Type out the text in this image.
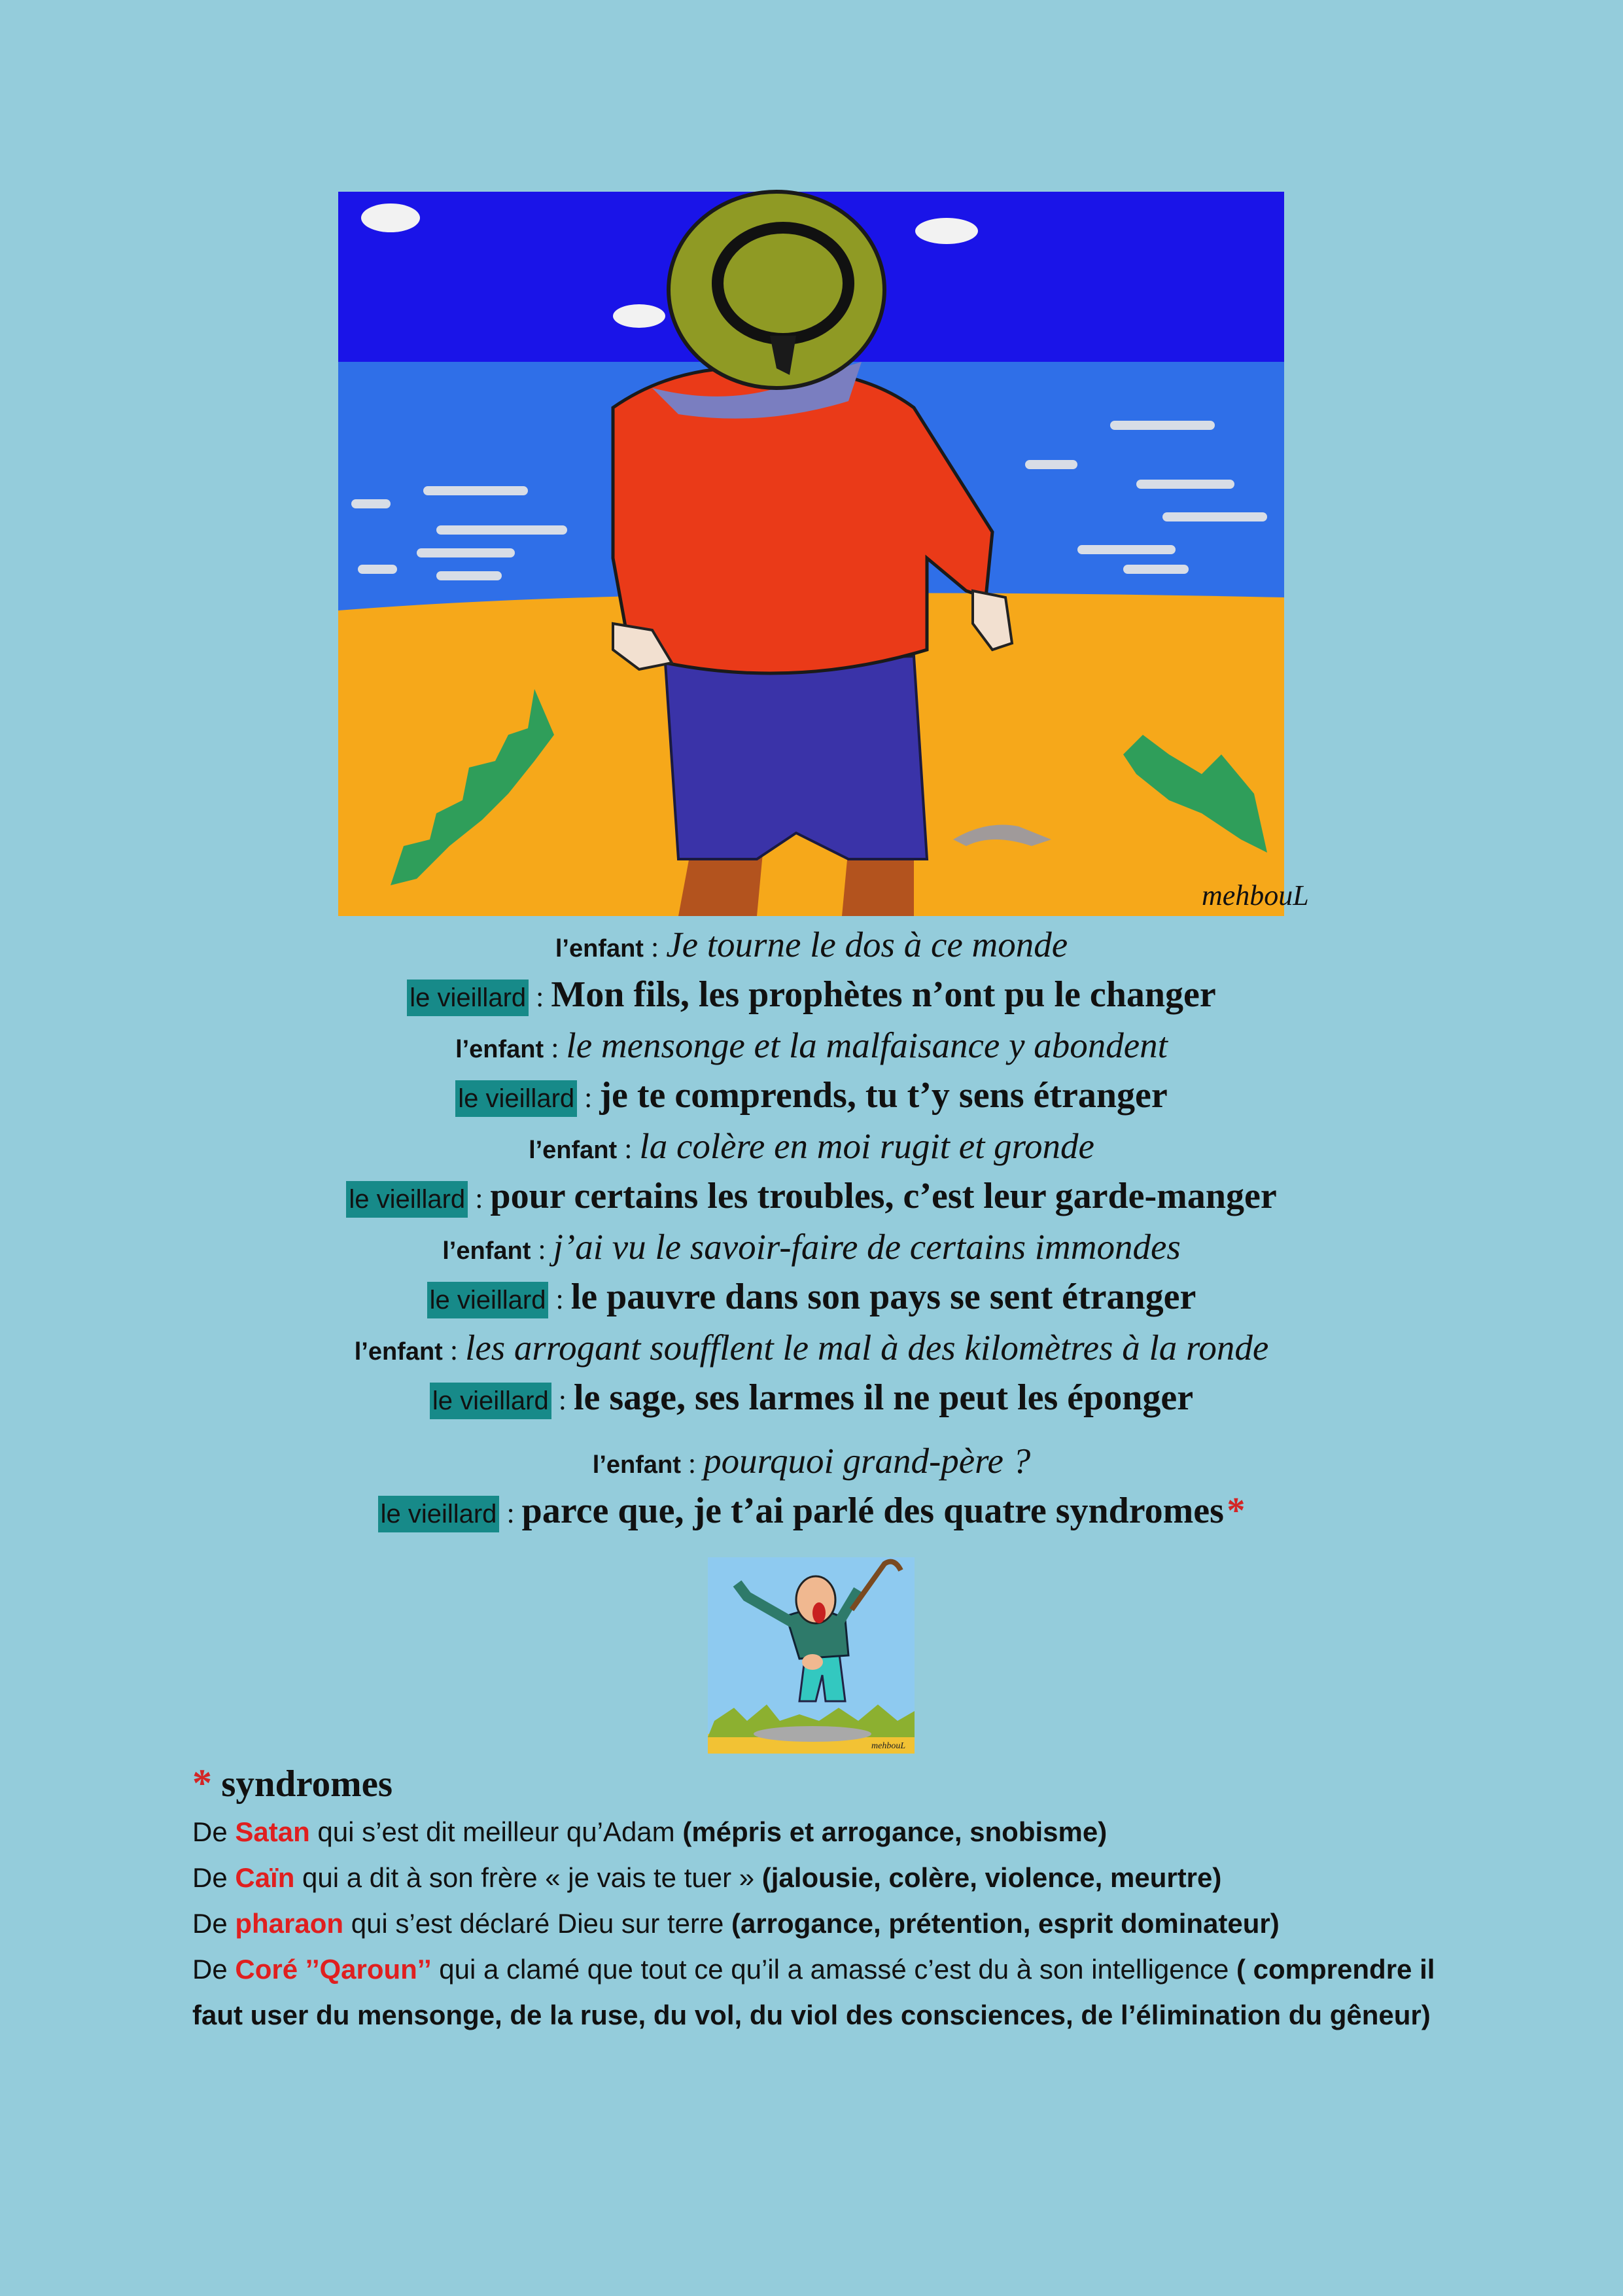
mehbouL
l’enfant : Je tourne le dos à ce monde
le vieillard : Mon fils, les prophètes n’ont pu le changer
l’enfant : le mensonge et la malfaisance y abondent
le vieillard : je te comprends, tu t’y sens étranger
l’enfant : la colère en moi rugit et gronde
le vieillard : pour certains les troubles, c’est leur garde-manger
l’enfant : j’ai vu le savoir-faire de certains immondes
le vieillard : le pauvre dans son pays se sent étranger
l’enfant : les arrogant soufflent le mal à des kilomètres à la ronde
le vieillard : le sage, ses larmes il ne peut les éponger
l’enfant : pourquoi grand-père ?
le vieillard : parce que, je t’ai parlé des quatre syndromes *
mehbouL
* syndromes
De Satan qui s’est dit meilleur qu’Adam (mépris et arrogance, snobisme)
De Caïn qui a dit à son frère « je vais te tuer » (jalousie, colère, violence, meurtre)
De pharaon qui s’est déclaré Dieu sur terre (arrogance, prétention, esprit dominateur)
De Coré ’’Qaroun’’ qui a clamé que tout ce qu’il a amassé c’est du à son intelligence ( comprendre il faut user du mensonge, de la ruse, du vol, du viol des consciences, de l’élimination du gêneur)
